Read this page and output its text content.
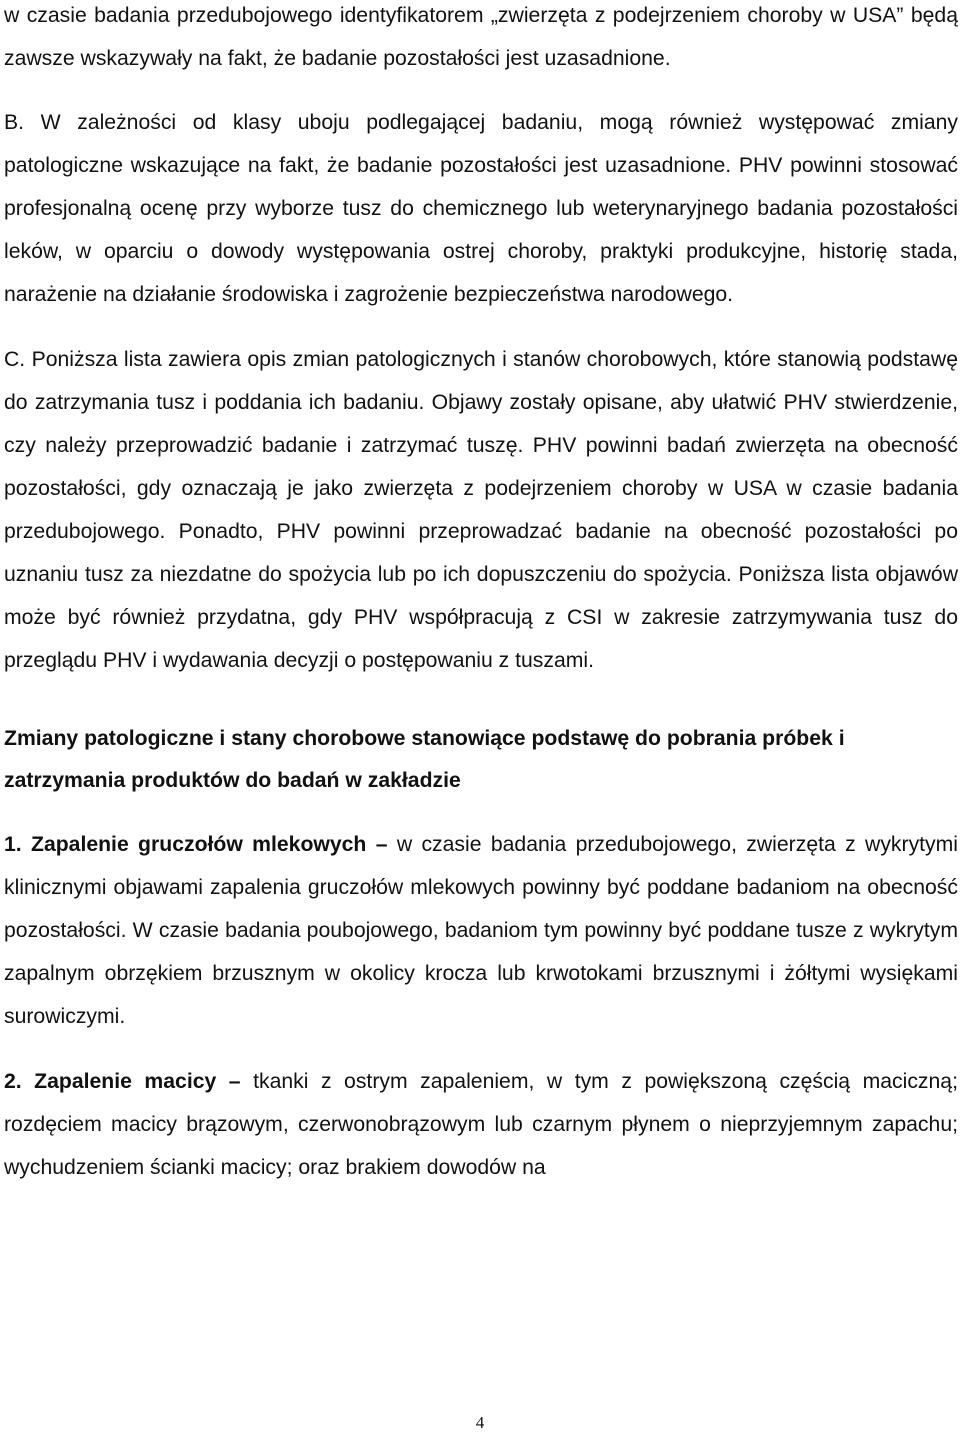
w czasie badania przedubojowego identyfikatorem „zwierzęta z podejrzeniem choroby w USA” będą zawsze wskazywały na fakt, że badanie pozostałości jest uzasadnione.

B. W zależności od klasy uboju podlegającej badaniu, mogą również występować zmiany patologiczne wskazujące na fakt, że badanie pozostałości jest uzasadnione. PHV powinni stosować profesjonalną ocenę przy wyborze tusz do chemicznego lub weterynaryjnego badania pozostałości leków, w oparciu o dowody występowania ostrej choroby, praktyki produkcyjne, historię stada, narażenie na działanie środowiska i zagrożenie bezpieczeństwa narodowego.

C. Poniższa lista zawiera opis zmian patologicznych i stanów chorobowych, które stanowią podstawę do zatrzymania tusz i poddania ich badaniu. Objawy zostały opisane, aby ułatwić PHV stwierdzenie, czy należy przeprowadzić badanie i zatrzymać tuszę. PHV powinni badań zwierzęta na obecność pozostałości, gdy oznaczają je jako zwierzęta z podejrzeniem choroby w USA w czasie badania przedubojowego. Ponadto, PHV powinni przeprowadzać badanie na obecność pozostałości po uznaniu tusz za niezdatne do spożycia lub po ich dopuszczeniu do spożycia. Poniższa lista objawów może być również przydatna, gdy PHV współpracują z CSI w zakresie zatrzymywania tusz do przeglądu PHV i wydawania decyzji o postępowaniu z tuszami.

Zmiany patologiczne i stany chorobowe stanowiące podstawę do pobrania próbek i zatrzymania produktów do badań w zakładzie

1. Zapalenie gruczołów mlekowych – w czasie badania przedubojowego, zwierzęta z wykrytymi klinicznymi objawami zapalenia gruczołów mlekowych powinny być poddane badaniom na obecność pozostałości. W czasie badania poubojowego, badaniom tym powinny być poddane tusze z wykrytym zapalnym obrzękiem brzusznym w okolicy krocza lub krwotokami brzusznymi i żółtymi wysiękami surowiczymi.

2. Zapalenie macicy – tkanki z ostrym zapaleniem, w tym z powiększoną częścią maciczną; rozdęciem macicy brązowym, czerwonobrązowym lub czarnym płynem o nieprzyjemnym zapachu; wychudzeniem ścianki macicy; oraz brakiem dowodów na

4
